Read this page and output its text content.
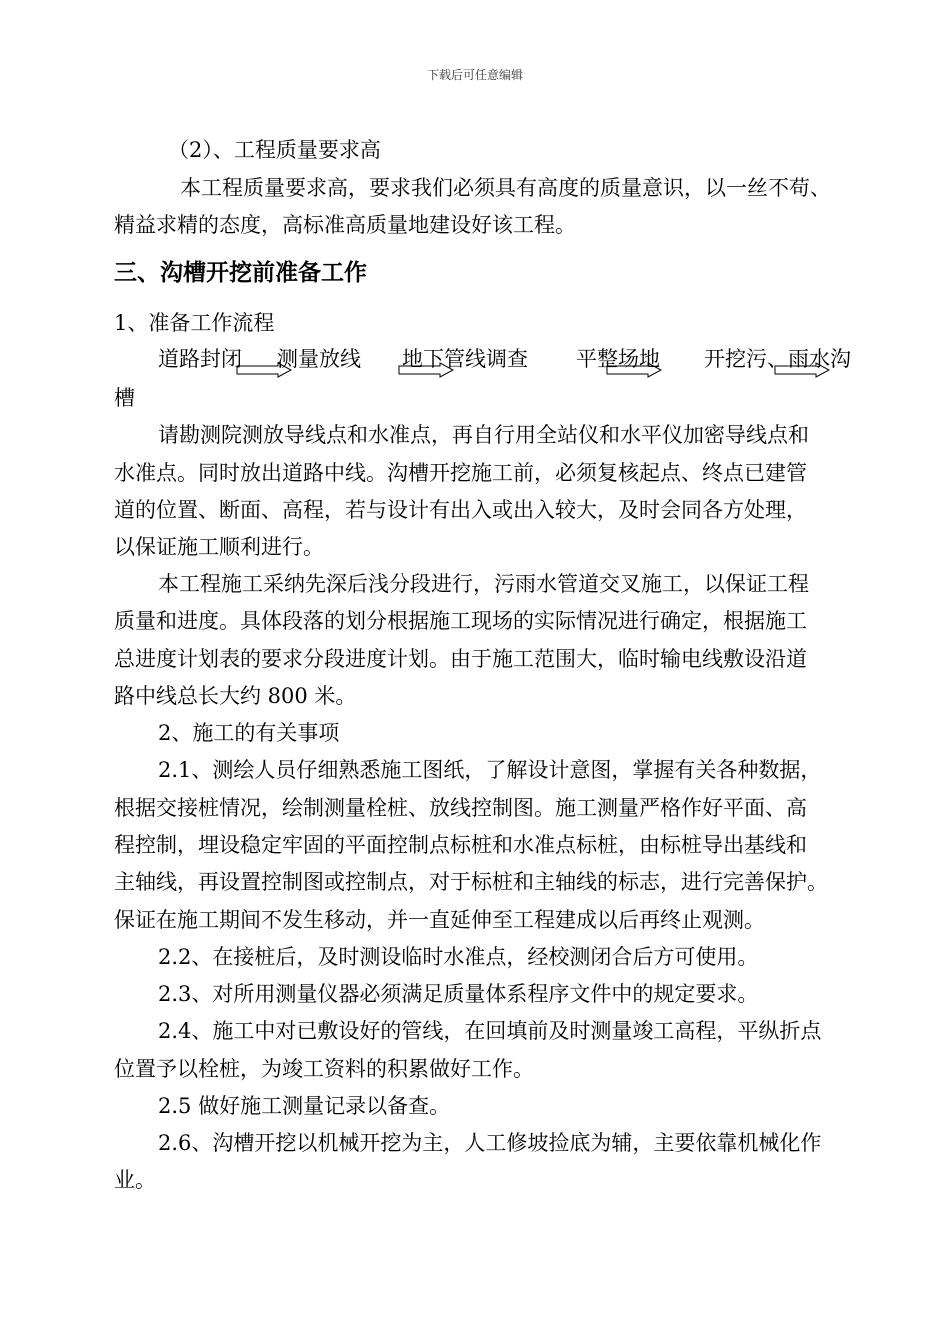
下载后可任意编辑
（2）、工程质量要求高
本工程质量要求高，要求我们必须具有高度的质量意识，以一丝不苟、
精益求精的态度，高标准高质量地建设好该工程。
三、沟槽开挖前准备工作
1、准备工作流程
道路封闭 测量放线 地下管线调查 平整场地 开挖污、雨水沟
槽
请勘测院测放导线点和水准点，再自行用全站仪和水平仪加密导线点和
水准点。同时放出道路中线。沟槽开挖施工前，必须复核起点、终点已建管
道的位置、断面、高程，若与设计有出入或出入较大，及时会同各方处理，
以保证施工顺利进行。
本工程施工采纳先深后浅分段进行，污雨水管道交叉施工，以保证工程
质量和进度。具体段落的划分根据施工现场的实际情况进行确定，根据施工
总进度计划表的要求分段进度计划。由于施工范围大，临时输电线敷设沿道
路中线总长大约 800 米。
2、施工的有关事项
2.1、测绘人员仔细熟悉施工图纸，了解设计意图，掌握有关各种数据，
根据交接桩情况，绘制测量栓桩、放线控制图。施工测量严格作好平面、高
程控制，埋设稳定牢固的平面控制点标桩和水准点标桩，由标桩导出基线和
主轴线，再设置控制图或控制点，对于标桩和主轴线的标志，进行完善保护。
保证在施工期间不发生移动，并一直延伸至工程建成以后再终止观测。
2.2、在接桩后，及时测设临时水准点，经校测闭合后方可使用。
2.3、对所用测量仪器必须满足质量体系程序文件中的规定要求。
2.4、施工中对已敷设好的管线，在回填前及时测量竣工高程，平纵折点
位置予以栓桩，为竣工资料的积累做好工作。
2.5 做好施工测量记录以备查。
2.6、沟槽开挖以机械开挖为主，人工修坡捡底为辅，主要依靠机械化作
业。
